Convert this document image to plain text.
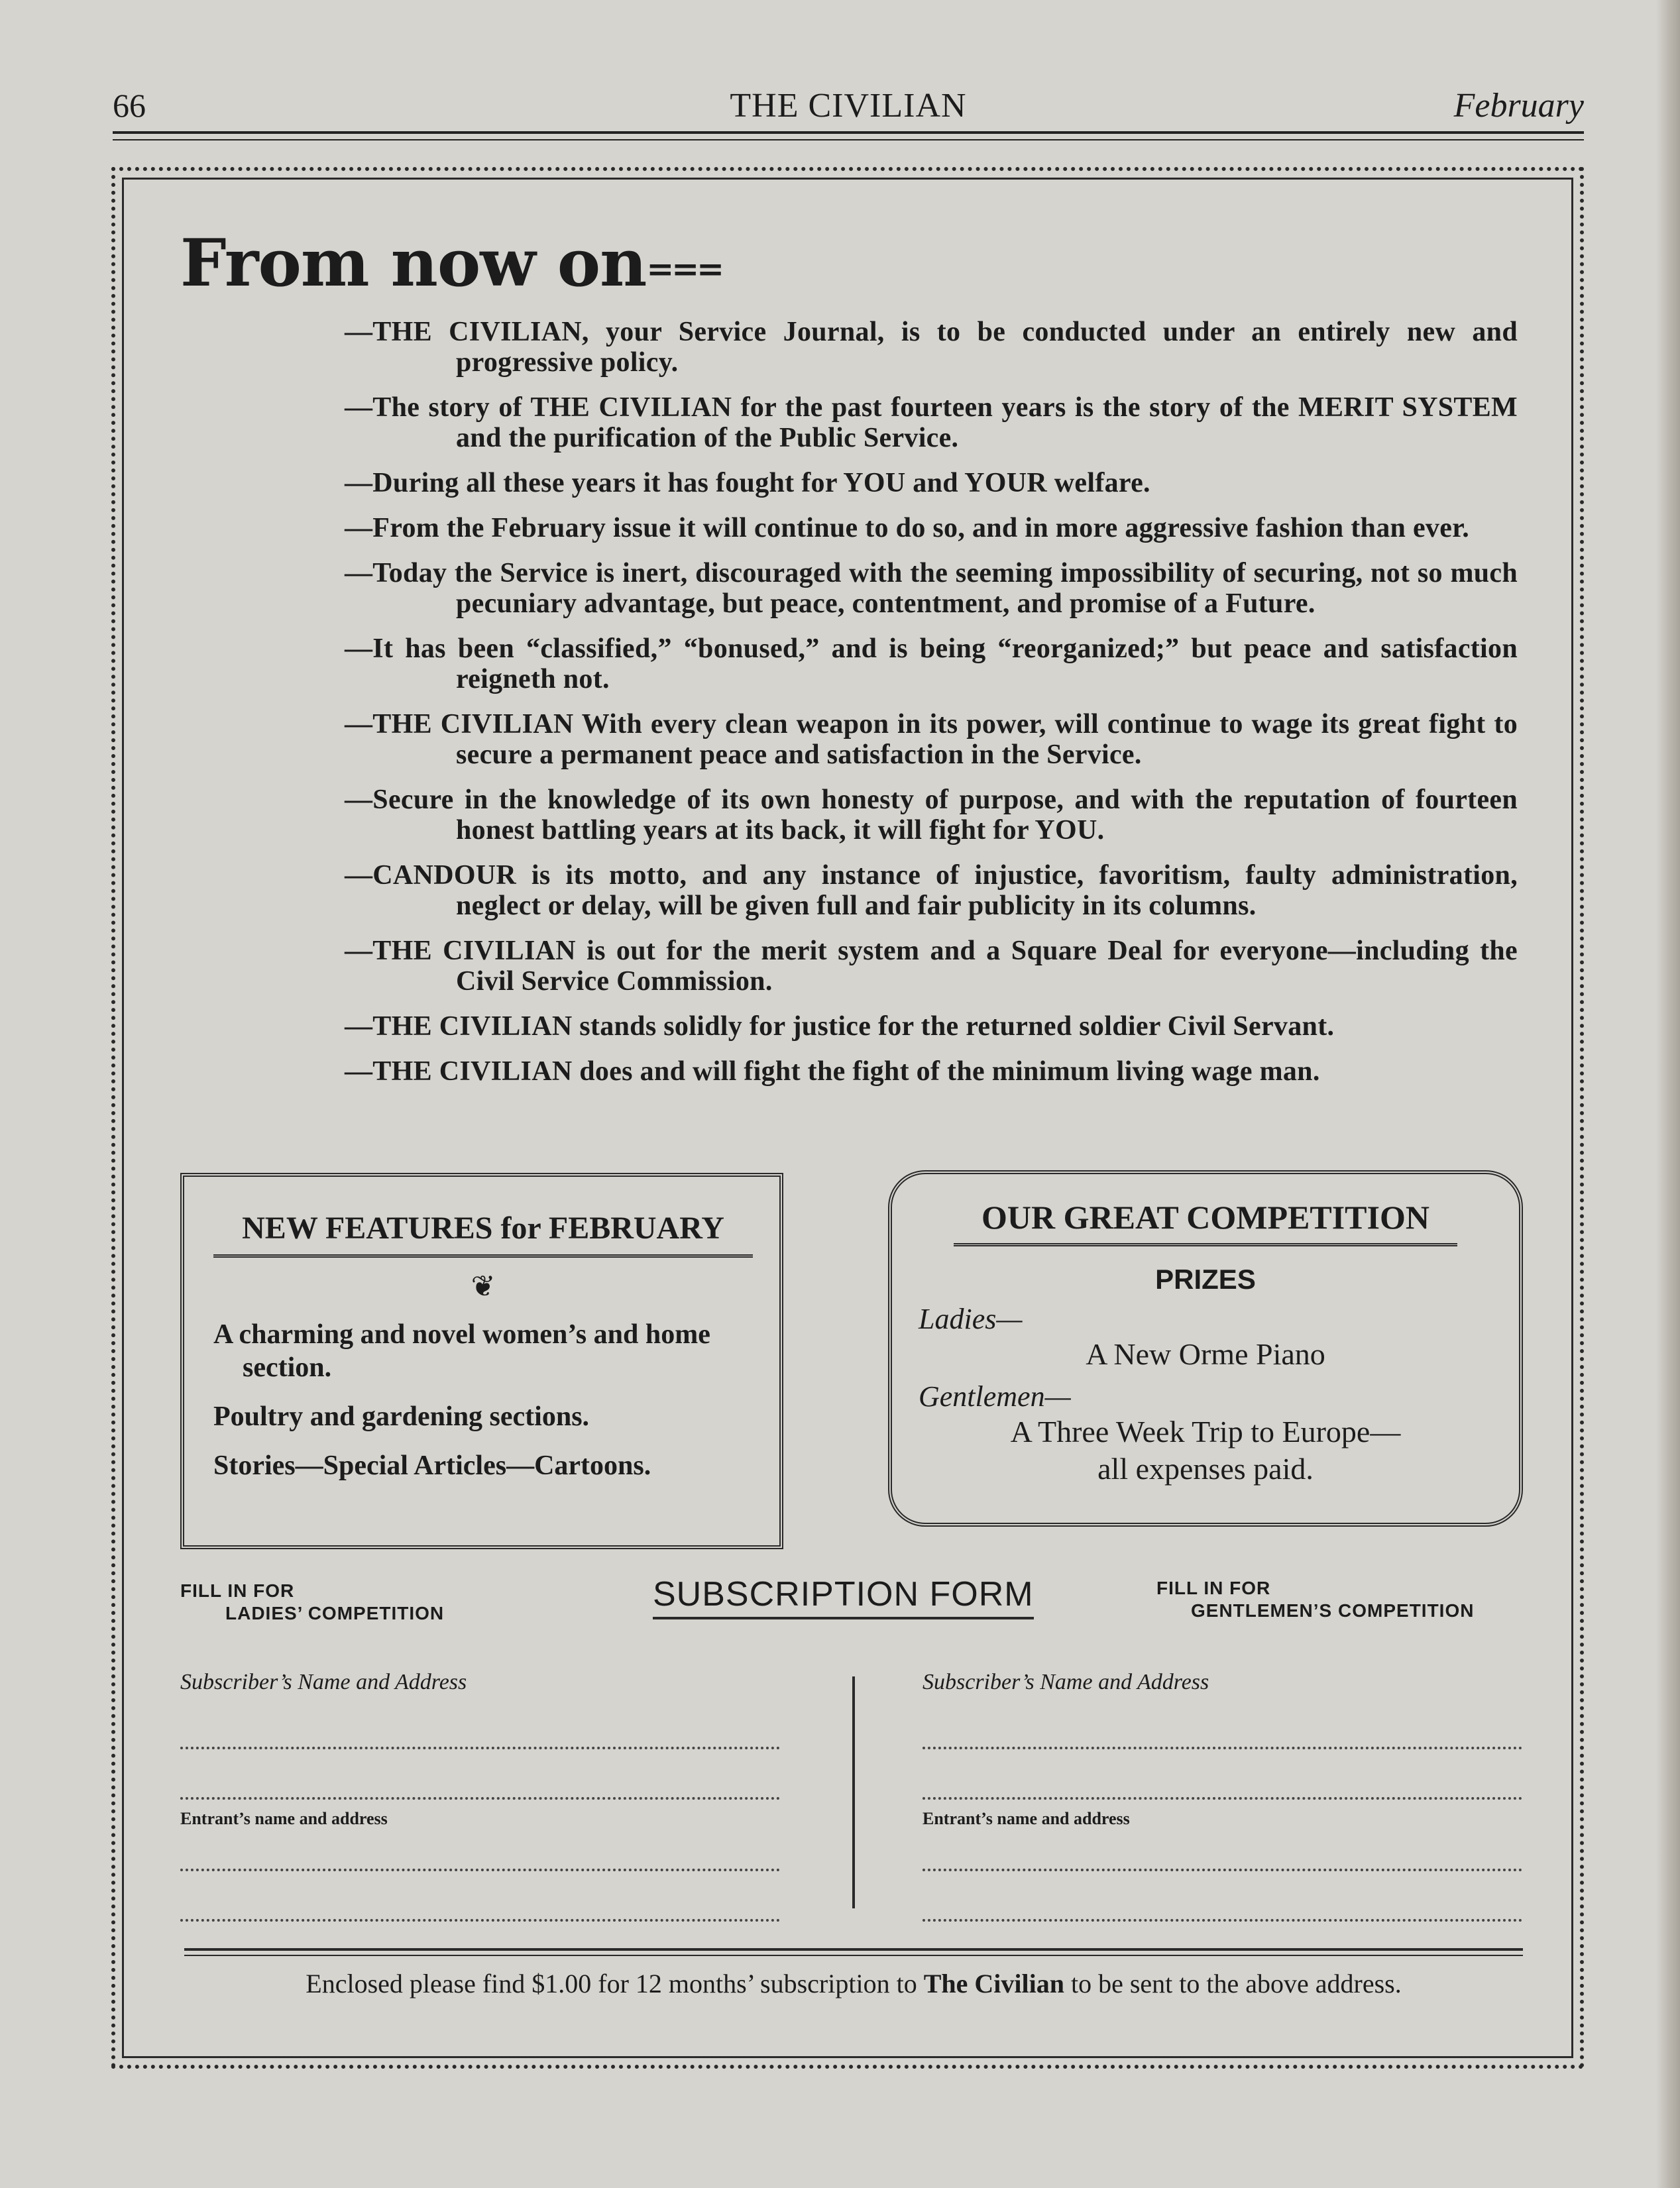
66	THE CIVILIAN	February
From now on===
—THE CIVILIAN, your Service Journal, is to be conducted under an entirely new and progressive policy.
—The story of THE CIVILIAN for the past fourteen years is the story of the MERIT SYSTEM and the purification of the Public Service.
—During all these years it has fought for YOU and YOUR welfare.
—From the February issue it will continue to do so, and in more aggressive fashion than ever.
—Today the Service is inert, discouraged with the seeming impossibility of securing, not so much pecuniary advantage, but peace, contentment, and promise of a Future.
—It has been “classified,” “bonused,” and is being “reorganized;” but peace and satisfaction reigneth not.
—THE CIVILIAN With every clean weapon in its power, will continue to wage its great fight to secure a permanent peace and satisfaction in the Service.
—Secure in the knowledge of its own honesty of purpose, and with the reputation of fourteen honest battling years at its back, it will fight for YOU.
—CANDOUR is its motto, and any instance of injustice, favoritism, faulty administration, neglect or delay, will be given full and fair publicity in its columns.
—THE CIVILIAN is out for the merit system and a Square Deal for everyone—including the Civil Service Commission.
—THE CIVILIAN stands solidly for justice for the returned soldier Civil Servant.
—THE CIVILIAN does and will fight the fight of the minimum living wage man.
NEW FEATURES for FEBRUARY
❦

A charming and novel women’s and home section.

Poultry and gardening sections.

Stories—Special Articles—Cartoons.

OUR GREAT COMPETITION
PRIZES
Ladies—
A New Orme Piano
Gentlemen—
A Three Week Trip to Europe—
all expenses paid.
FILL IN FOR
LADIES’ COMPETITION	SUBSCRIPTION FORM	FILL IN FOR
GENTLEMEN’S COMPETITION
Subscriber’s Name and Address
Entrant’s name and address
Subscriber’s Name and Address
Entrant’s name and address
Enclosed please find $1.00 for 12 months’ subscription to The Civilian to be sent to the above address.
